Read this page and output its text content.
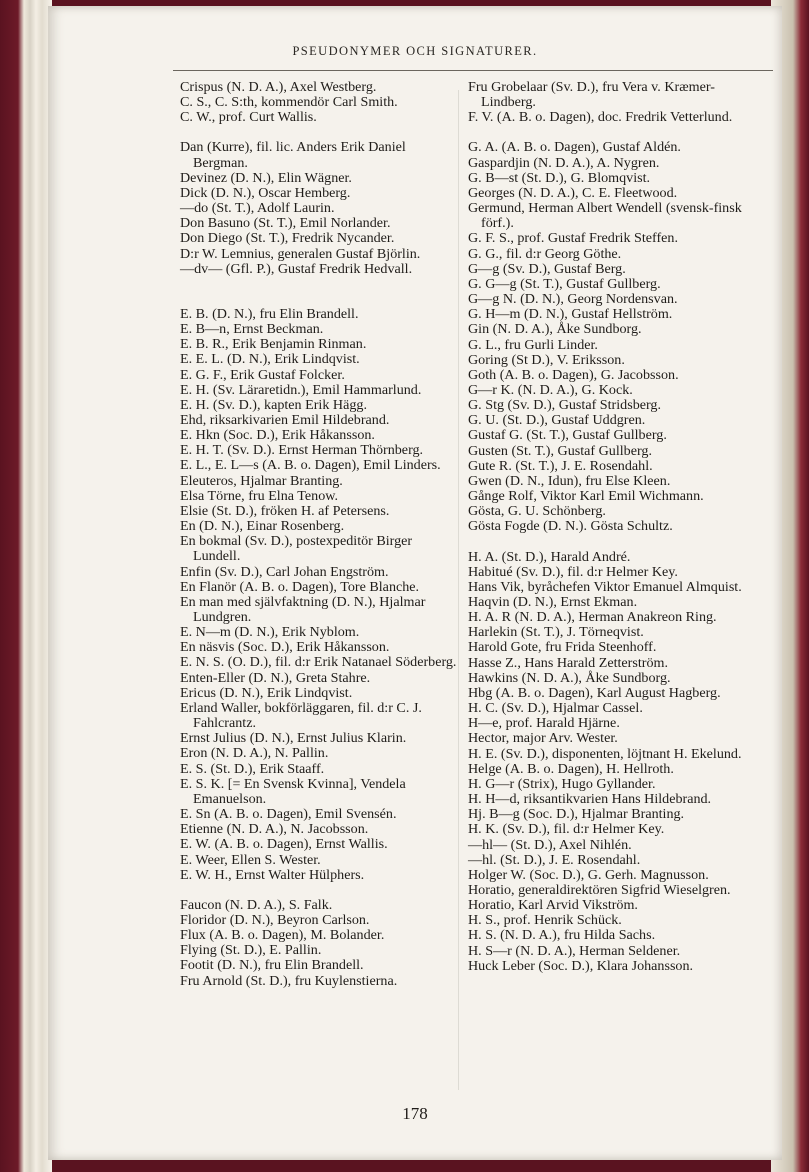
PSEUDONYMER OCH SIGNATURER.

Crispus (N. D. A.), Axel Westberg.

C. S., C. S:th, kommendör Carl Smith.

C. W., prof. Curt Wallis.

Dan (Kurre), fil. lic. Anders Erik Daniel Bergman.

Devinez (D. N.), Elin Wägner.

Dick (D. N.), Oscar Hemberg.

—do (St. T.), Adolf Laurin.

Don Basuno (St. T.), Emil Norlander.

Don Diego (St. T.), Fredrik Nycander.

D:r W. Lemnius, generalen Gustaf Björlin.

—dv— (Gfl. P.), Gustaf Fredrik Hedvall.

E. B. (D. N.), fru Elin Brandell.

E. B—n, Ernst Beckman.

E. B. R., Erik Benjamin Rinman.

E. E. L. (D. N.), Erik Lindqvist.

E. G. F., Erik Gustaf Folcker.

E. H. (Sv. Läraretidn.), Emil Hammarlund.

E. H. (Sv. D.), kapten Erik Hägg.

Ehd, riksarkivarien Emil Hildebrand.

E. Hkn (Soc. D.), Erik Håkansson.

E. H. T. (Sv. D.). Ernst Herman Thörnberg.

E. L., E. L—s (A. B. o. Dagen), Emil Linders.

Eleuteros, Hjalmar Branting.

Elsa Törne, fru Elna Tenow.

Elsie (St. D.), fröken H. af Petersens.

En (D. N.), Einar Rosenberg.

En bokmal (Sv. D.), postexpeditör Birger Lundell.

Enfin (Sv. D.), Carl Johan Engström.

En Flanör (A. B. o. Dagen), Tore Blanche.

En man med självfaktning (D. N.), Hjalmar Lundgren.

E. N—m (D. N.), Erik Nyblom.

En näsvis (Soc. D.), Erik Håkansson.

E. N. S. (O. D.), fil. d:r Erik Natanael Söderberg.

Enten-Eller (D. N.), Greta Stahre.

Ericus (D. N.), Erik Lindqvist.

Erland Waller, bokförläggaren, fil. d:r C. J. Fahlcrantz.

Ernst Julius (D. N.), Ernst Julius Klarin.

Eron (N. D. A.), N. Pallin.

E. S. (St. D.), Erik Staaff.

E. S. K. [= En Svensk Kvinna], Vendela Emanuelson.

E. Sn (A. B. o. Dagen), Emil Svensén.

Etienne (N. D. A.), N. Jacobsson.

E. W. (A. B. o. Dagen), Ernst Wallis.

E. Weer, Ellen S. Wester.

E. W. H., Ernst Walter Hülphers.

Faucon (N. D. A.), S. Falk.

Floridor (D. N.), Beyron Carlson.

Flux (A. B. o. Dagen), M. Bolander.

Flying (St. D.), E. Pallin.

Footit (D. N.), fru Elin Brandell.

Fru Arnold (St. D.), fru Kuylenstierna.

Fru Grobelaar (Sv. D.), fru Vera v. Kræmer-Lindberg.

F. V. (A. B. o. Dagen), doc. Fredrik Vetterlund.

G. A. (A. B. o. Dagen), Gustaf Aldén.

Gaspardjin (N. D. A.), A. Nygren.

G. B—st (St. D.), G. Blomqvist.

Georges (N. D. A.), C. E. Fleetwood.

Germund, Herman Albert Wendell (svensk-finsk förf.).

G. F. S., prof. Gustaf Fredrik Steffen.

G. G., fil. d:r Georg Göthe.

G—g (Sv. D.), Gustaf Berg.

G. G—g (St. T.), Gustaf Gullberg.

G—g N. (D. N.), Georg Nordensvan.

G. H—m (D. N.), Gustaf Hellström.

Gin (N. D. A.), Åke Sundborg.

G. L., fru Gurli Linder.

Goring (St D.), V. Eriksson.

Goth (A. B. o. Dagen), G. Jacobsson.

G—r K. (N. D. A.), G. Kock.

G. Stg (Sv. D.), Gustaf Stridsberg.

G. U. (St. D.), Gustaf Uddgren.

Gustaf G. (St. T.), Gustaf Gullberg.

Gusten (St. T.), Gustaf Gullberg.

Gute R. (St. T.), J. E. Rosendahl.

Gwen (D. N., Idun), fru Else Kleen.

Gånge Rolf, Viktor Karl Emil Wichmann.

Gösta, G. U. Schönberg.

Gösta Fogde (D. N.). Gösta Schultz.

H. A. (St. D.), Harald André.

Habitué (Sv. D.), fil. d:r Helmer Key.

Hans Vik, byråchefen Viktor Emanuel Almquist.

Haqvin (D. N.), Ernst Ekman.

H. A. R (N. D. A.), Herman Anakreon Ring.

Harlekin (St. T.), J. Törneqvist.

Harold Gote, fru Frida Steenhoff.

Hasse Z., Hans Harald Zetterström.

Hawkins (N. D. A.), Åke Sundborg.

Hbg (A. B. o. Dagen), Karl August Hagberg.

H. C. (Sv. D.), Hjalmar Cassel.

H—e, prof. Harald Hjärne.

Hector, major Arv. Wester.

H. E. (Sv. D.), disponenten, löjtnant H. Ekelund.

Helge (A. B. o. Dagen), H. Hellroth.

H. G—r (Strix), Hugo Gyllander.

H. H—d, riksantikvarien Hans Hildebrand.

Hj. B—g (Soc. D.), Hjalmar Branting.

H. K. (Sv. D.), fil. d:r Helmer Key.

—hl— (St. D.), Axel Nihlén.

—hl. (St. D.), J. E. Rosendahl.

Holger W. (Soc. D.), G. Gerh. Magnusson.

Horatio, generaldirektören Sigfrid Wieselgren.

Horatio, Karl Arvid Vikström.

H. S., prof. Henrik Schück.

H. S. (N. D. A.), fru Hilda Sachs.

H. S—r (N. D. A.), Herman Seldener.

Huck Leber (Soc. D.), Klara Johansson.

178
